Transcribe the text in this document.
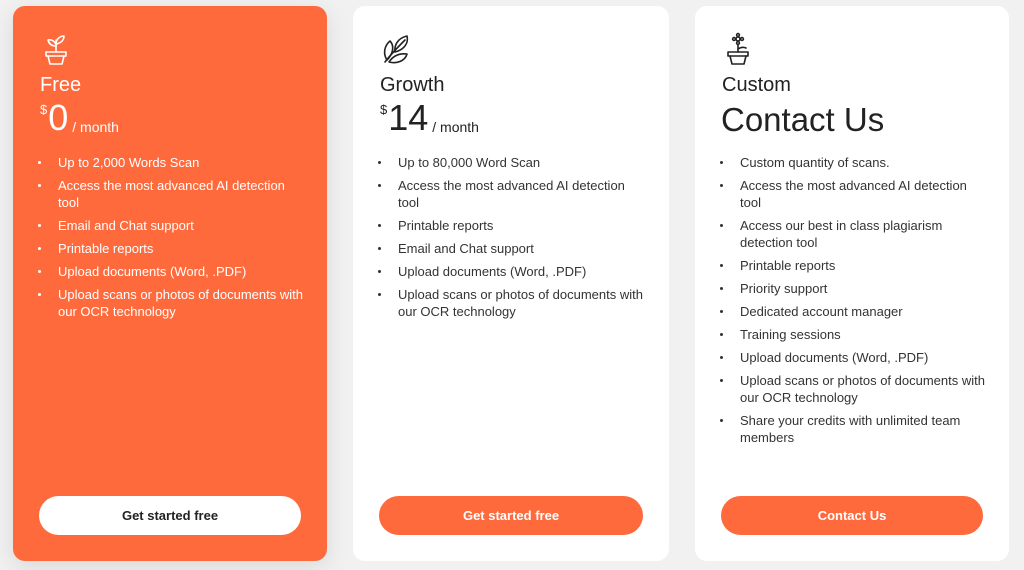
Free
$ 0 / month
Up to 2,000 Words Scan
Access the most advanced AI detection tool
Email and Chat support
Printable reports
Upload documents (Word, .PDF)
Upload scans or photos of documents with our OCR technology
Get started free
Growth
$ 14 / month
Up to 80,000 Word Scan
Access the most advanced AI detection tool
Printable reports
Email and Chat support
Upload documents (Word, .PDF)
Upload scans or photos of documents with our OCR technology
Get started free
Custom
Contact Us
Custom quantity of scans.
Access the most advanced AI detection tool
Access our best in class plagiarism detection tool
Printable reports
Priority support
Dedicated account manager
Training sessions
Upload documents (Word, .PDF)
Upload scans or photos of documents with our OCR technology
Share your credits with unlimited team members
Contact Us
